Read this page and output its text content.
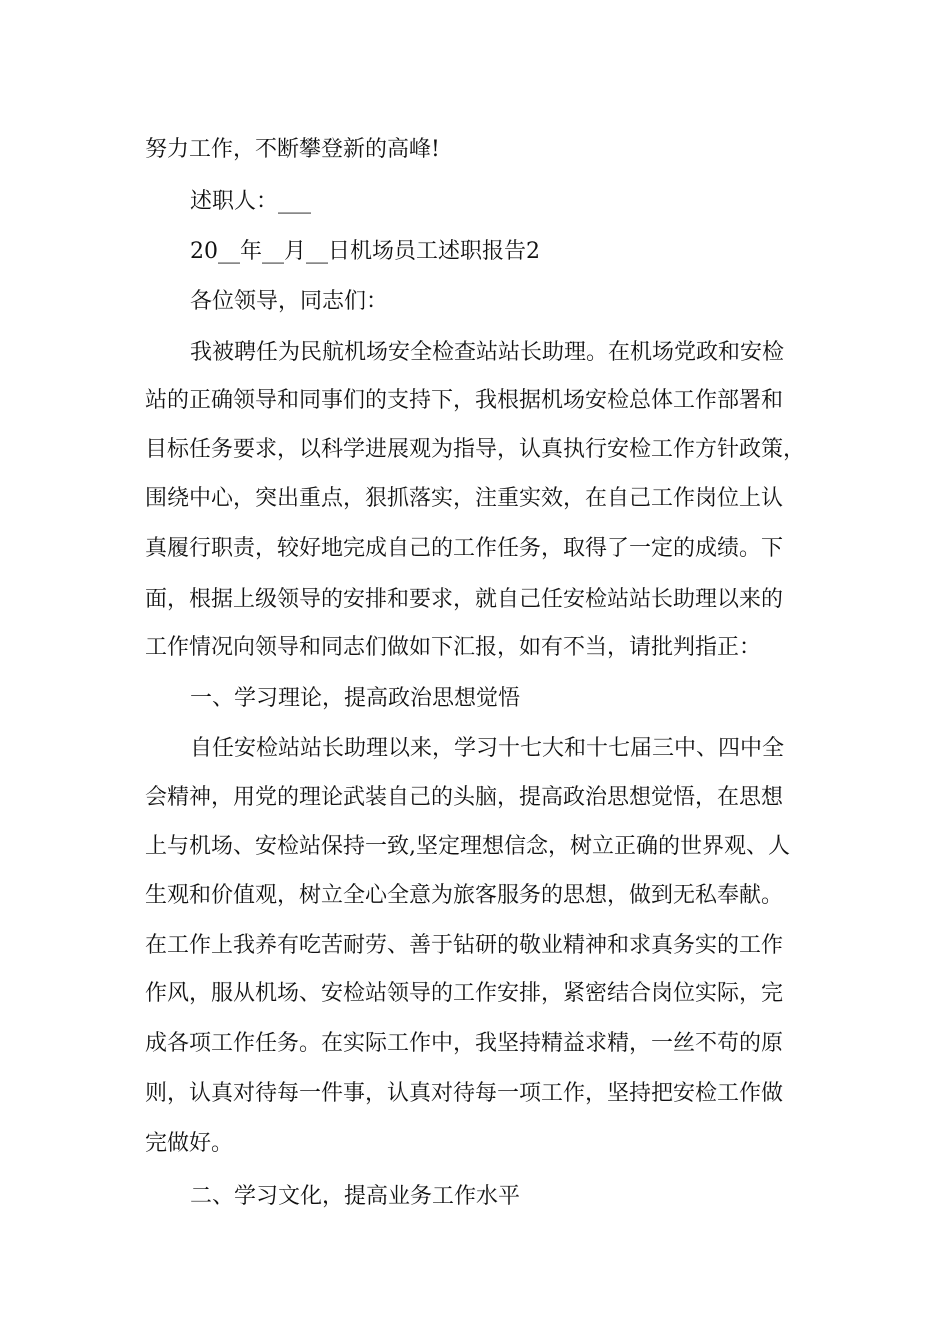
努力工作，不断攀登新的高峰!
述职人：___
20__年__月__日机场员工述职报告2
各位领导，同志们：
我被聘任为民航机场安全检查站站长助理。在机场党政和安检
站的正确领导和同事们的支持下，我根据机场安检总体工作部署和
目标任务要求，以科学进展观为指导，认真执行安检工作方针政策，
围绕中心，突出重点，狠抓落实，注重实效，在自己工作岗位上认
真履行职责，较好地完成自己的工作任务，取得了一定的成绩。下
面，根据上级领导的安排和要求，就自己任安检站站长助理以来的
工作情况向领导和同志们做如下汇报，如有不当，请批判指正：
一、学习理论，提高政治思想觉悟
自任安检站站长助理以来，学习十七大和十七届三中、四中全
会精神，用党的理论武装自己的头脑，提高政治思想觉悟，在思想
上与机场、安检站保持一致,坚定理想信念，树立正确的世界观、人
生观和价值观，树立全心全意为旅客服务的思想，做到无私奉献。
在工作上我养有吃苦耐劳、善于钻研的敬业精神和求真务实的工作
作风，服从机场、安检站领导的工作安排，紧密结合岗位实际，完
成各项工作任务。在实际工作中，我坚持精益求精，一丝不苟的原
则，认真对待每一件事，认真对待每一项工作，坚持把安检工作做
完做好。
二、学习文化，提高业务工作水平
